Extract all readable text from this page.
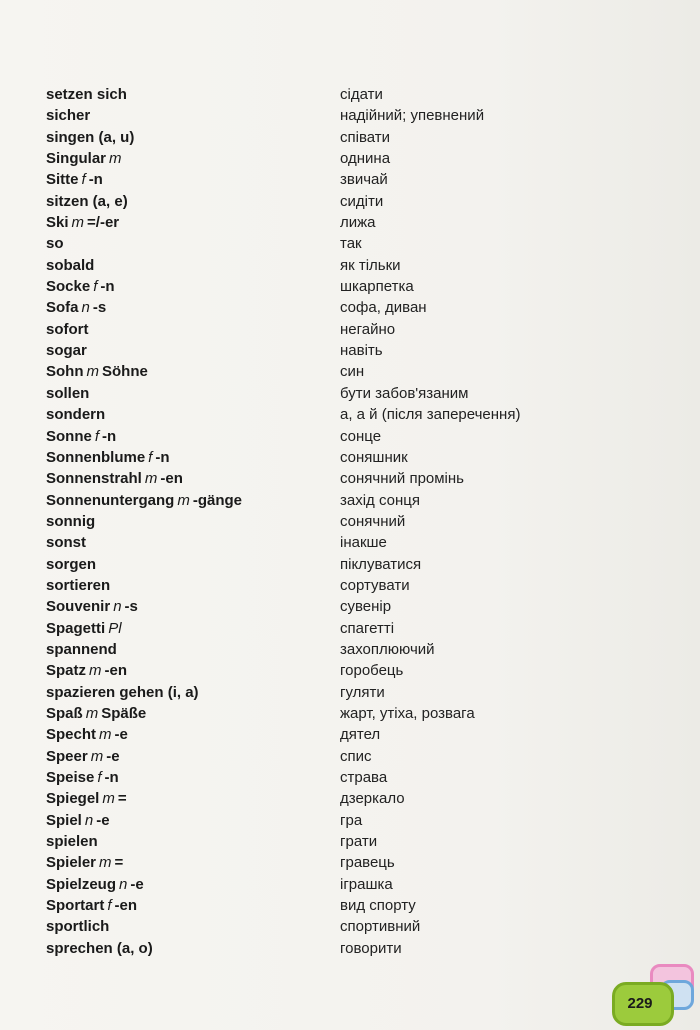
setzen sich	сідати
sicher	надійний; упевнений
singen (a, u)	співати
Singular m	однина
Sitte f -n	звичай
sitzen (a, e)	сидіти
Ski m =/-er	лижа
so	так
sobald	як тільки
Socke f -n	шкарпетка
Sofa n -s	софа, диван
sofort	негайно
sogar	навіть
Sohn m Söhne	син
sollen	бути забов'язаним
sondern	а, а й (після заперечення)
Sonne f -n	сонце
Sonnenblume f -n	соняшник
Sonnenstrahl m -en	сонячний промінь
Sonnenuntergang m -gänge	захід сонця
sonnig	сонячний
sonst	інакше
sorgen	піклуватися
sortieren	сортувати
Souvenir n -s	сувенір
Spagetti Pl	спагетті
spannend	захоплюючий
Spatz m -en	горобець
spazieren gehen (i, a)	гуляти
Spaß m Späße	жарт, утіха, розвага
Specht m -e	дятел
Speer m -e	спис
Speise f -n	страва
Spiegel m =	дзеркало
Spiel n -e	гра
spielen	грати
Spieler m =	гравець
Spielzeug n -e	іграшка
Sportart f -en	вид спорту
sportlich	спортивний
sprechen (a, o)	говорити
229
